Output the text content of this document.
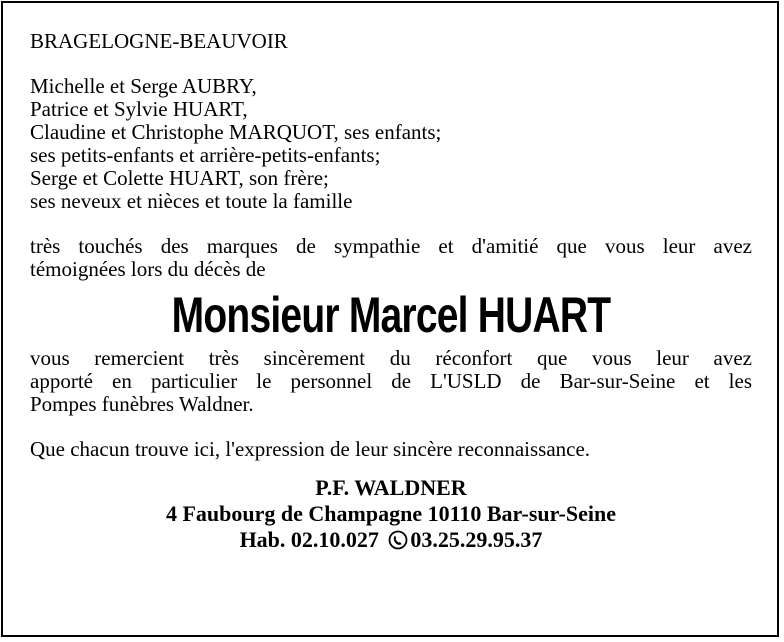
BRAGELOGNE-BEAUVOIR
Michelle et Serge AUBRY,
Patrice et Sylvie HUART,
Claudine et Christophe MARQUOT, ses enfants;
ses petits-enfants et arrière-petits-enfants;
Serge et Colette HUART, son frère;
ses neveux et nièces et toute la famille
très touchés des marques de sympathie et d'amitié que vous leur avez
témoignées lors du décès de
Monsieur Marcel HUART
vous remercient très sincèrement du réconfort que vous leur avez
apporté en particulier le personnel de L'USLD de Bar-sur-Seine et les
Pompes funèbres Waldner.
Que chacun trouve ici, l'expression de leur sincère reconnaissance.
P.F. WALDNER
4 Faubourg de Champagne 10110 Bar-sur-Seine
Hab. 02.10.027 03.25.29.95.37
